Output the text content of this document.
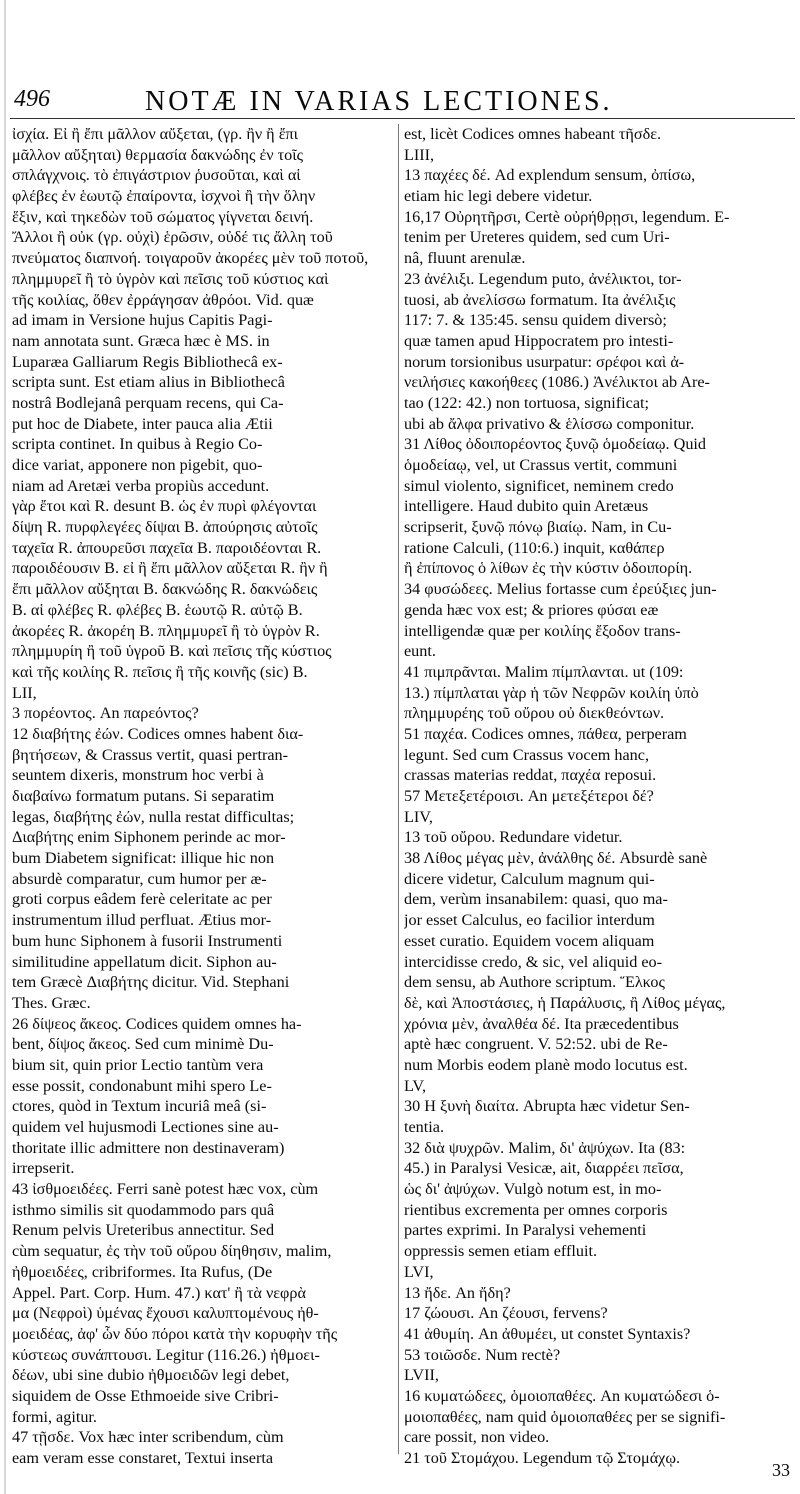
496	NOTÆ IN VARIAS LECTIONES.
ἰσχία. Εἰ ἢ ἔπι μᾶλλον αὔξεται, (γρ. ἢν ἢ ἔπι
μᾶλλον αὔξηται) θερμασία δακνώδης ἐν τοῖς
σπλάγχνοις. τὸ ἐπιγάστριον ῥυσοῦται, καὶ αἱ
φλέβες ἐν ἑωυτῷ ἐπαίροντα, ἰσχνοὶ ἢ τὴν ὅλην
ἕξιν, καὶ τηκεδὼν τοῦ σώματος γίγνεται δεινή.
Ἄλλοι ἢ οὐκ (γρ. οὐχὶ) ἑρῶσιν, οὐδέ τις ἄλλη τοῦ
πνεύματος διαπνοή. τοιγαροῦν ἀκορέες μὲν τοῦ ποτοῦ,
πλημμυρεῖ ἢ τὸ ὑγρὸν καὶ πεῖσις τοῦ κύστιος καὶ
τῆς κοιλίας, ὅθεν ἐρράγησαν ἀθρόοι. Vid. quæ
ad imam in Versione hujus Capitis Pagi-
nam annotata sunt. Græca hæc è MS. in
Luparæa Galliarum Regis Bibliothecâ ex-
scripta sunt. Est etiam alius in Bibliothecâ
nostrâ Bodlejanâ perquam recens, qui Ca-
put hoc de Diabete, inter pauca alia Ætii
scripta continet. In quibus à Regio Co-
dice variat, apponere non pigebit, quo-
niam ad Aretæi verba propiùs accedunt.
γὰρ ἔτοι καὶ R. desunt B. ὡς ἐν πυρὶ φλέγονται
δίψη R. πυρφλεγέες δίψαι B. ἀπούρησις αὐτοῖς
ταχεῖα R. ἀπουρεῦσι παχεῖα B. παροιδέονται R.
παροιδέουσιν B. εἰ ἢ ἔπι μᾶλλον αὔξεται R. ἢν ἢ
ἔπι μᾶλλον αὔξηται B. δακνώδης R. δακνώδεις
B. αἱ φλέβες R. φλέβες B. ἑωυτῷ R. αὐτῷ B.
ἀκορέες R. ἀκορέη B. πλημμυρεῖ ἢ τὸ ὑγρὸν R.
πλημμυρίη ἢ τοῦ ὑγροῦ B. καὶ πεῖσις τῆς κύστιος
καὶ τῆς κοιλίης R. πεῖσις ἢ τῆς κοινῆς (sic) B.
LII,
3 πορέοντος. An παρεόντος?
12 διαβήτης ἐών. Codices omnes habent δια-
βητήσεων, & Crassus vertit, quasi pertran-
seuntem dixeris, monstrum hoc verbi à
διαβαίνω formatum putans. Si separatim
legas, διαβήτης ἐών, nulla restat difficultas;
Διαβήτης enim Siphonem perinde ac mor-
bum Diabetem significat: illique hic non
absurdè comparatur, cum humor per æ-
groti corpus eâdem ferè celeritate ac per
instrumentum illud perfluat. Ætius mor-
bum hunc Siphonem à fusorii Instrumenti
similitudine appellatum dicit. Siphon au-
tem Græcè Διαβήτης dicitur. Vid. Stephani
Thes. Græc.
26 δίψεος ἄκεος. Codices quidem omnes ha-
bent, δίψος ἄκεος. Sed cum minimè Du-
bium sit, quin prior Lectio tantùm vera
esse possit, condonabunt mihi spero Le-
ctores, quòd in Textum incuriâ meâ (si-
quidem vel hujusmodi Lectiones sine au-
thoritate illic admittere non destinaveram)
irrepserit.
43 ἰσθμοειδέες. Ferri sanè potest hæc vox, cùm
isthmo similis sit quodammodo pars quâ
Renum pelvis Ureteribus annectitur. Sed
cùm sequatur, ἐς τὴν τοῦ οὔρου δίηθησιν, malim,
ἠθμοειδέες, cribriformes. Ita Rufus, (De
Appel. Part. Corp. Hum. 47.) κατ' ἢ τὰ νεφρὰ
μα (Νεφροὶ) ὑμένας ἔχουσι καλυπτομένους ἠθ-
μοειδέας, ἀφ' ὧν δύο πόροι κατὰ τὴν κορυφὴν τῆς
κύστεως συνάπτουσι. Legitur (116.26.) ἠθμοει-
δέων, ubi sine dubio ἠθμοειδῶν legi debet,
siquidem de Osse Ethmoeide sive Cribri-
formi, agitur.
47 τῇσδε. Vox hæc inter scribendum, cùm
eam veram esse constaret, Textui inserta
est, licèt Codices omnes habeant τῆσδε.
LIII,
13 παχέες δέ. Ad explendum sensum, ὀπίσω,
etiam hic legi debere videtur.
16,17 Οὐρητῆρσι, Certè οὐρήθρῃσι, legendum. E-
tenim per Ureteres quidem, sed cum Uri-
nâ, fluunt arenulæ.
23 ἀνέλιξι. Legendum puto, ἀνέλικτοι, tor-
tuosi, ab ἀνελίσσω formatum. Ita ἀνέλιξις
117: 7. & 135:45. sensu quidem diversò;
quæ tamen apud Hippocratem pro intesti-
norum torsionibus usurpatur: σρέφοι καὶ ἀ-
νειλήσιες κακοήθεες (1086.) Ἀνέλικτοι ab Are-
tao (122: 42.) non tortuosa, significat;
ubi ab ἄλφα privativo & ἑλίσσω componitur.
31 Λίθος ὀδοιπορέοντος ξυνῷ ὁμοδείαῳ. Quid
ὁμοδείαῳ, vel, ut Crassus vertit, communi
simul violento, significet, neminem credo
intelligere. Haud dubito quin Aretæus
scripserit, ξυνῷ πόνῳ βιαίῳ. Nam, in Cu-
ratione Calculi, (110:6.) inquit, καθάπερ
ἢ ἐπίπονος ὁ λίθων ἐς τὴν κύστιν ὁδοιπορίη.
34 φυσώδεες. Melius fortasse cum ἐρεύξιες jun-
genda hæc vox est; & priores φύσαι eæ
intelligendæ quæ per κοιλίης ἔξοδον trans-
eunt.
41 πιμπρᾶνται. Malim πίμπλανται. ut (109:
13.) πίμπλαται γὰρ ἡ τῶν Νεφρῶν κοιλίη ὑπὸ
πλημμυρέης τοῦ οὔρου οὐ διεκθεόντων.
51 παχέα. Codices omnes, πάθεα, perperam
legunt. Sed cum Crassus vocem hanc,
crassas materias reddat, παχέα reposui.
57 Μετεξετέροισι. An μετεξέτεροι δέ?
LIV,
13 τοῦ οὔρου. Redundare videtur.
38 Λίθος μέγας μὲν, ἀνάλθης δέ. Absurdè sanè
dicere videtur, Calculum magnum qui-
dem, verùm insanabilem: quasi, quo ma-
jor esset Calculus, eo facilior interdum
esset curatio. Equidem vocem aliquam
intercidisse credo, & sic, vel aliquid eo-
dem sensu, ab Authore scriptum. Ἕλκος
δὲ, καὶ Ἀποστάσιες, ἡ Παράλυσις, ἢ Λίθος μέγας,
χρόνια μὲν, ἀναλθέα δέ. Ita præcedentibus
aptè hæc congruent. V. 52:52. ubi de Re-
num Morbis eodem planè modo locutus est.
LV,
30 Η ξυνὴ διαίτα. Abrupta hæc videtur Sen-
tentia.
32 διὰ ψυχρῶν. Malim, δι' ἀψύχων. Ita (83:
45.) in Paralysi Vesicæ, ait, διαρρέει πεῖσα,
ὡς δι' ἀψύχων. Vulgò notum est, in mo-
rientibus excrementa per omnes corporis
partes exprimi. In Paralysi vehementi
oppressis semen etiam effluit.
LVI,
13 ἤδε. An ἤδη?
17 ζώουσι. An ζέουσι, fervens?
41 ἀθυμίη. An ἀθυμέει, ut constet Syntaxis?
53 τοιῶσδε. Num rectè?
LVII,
16 κυματώδεες, ὁμοιοπαθέες. An κυματώδεσι ὁ-
μοιοπαθέες, nam quid ὁμοιοπαθέες per se signifi-
care possit, non video.
21 τοῦ Στομάχου. Legendum τῷ Στομάχῳ.
33
